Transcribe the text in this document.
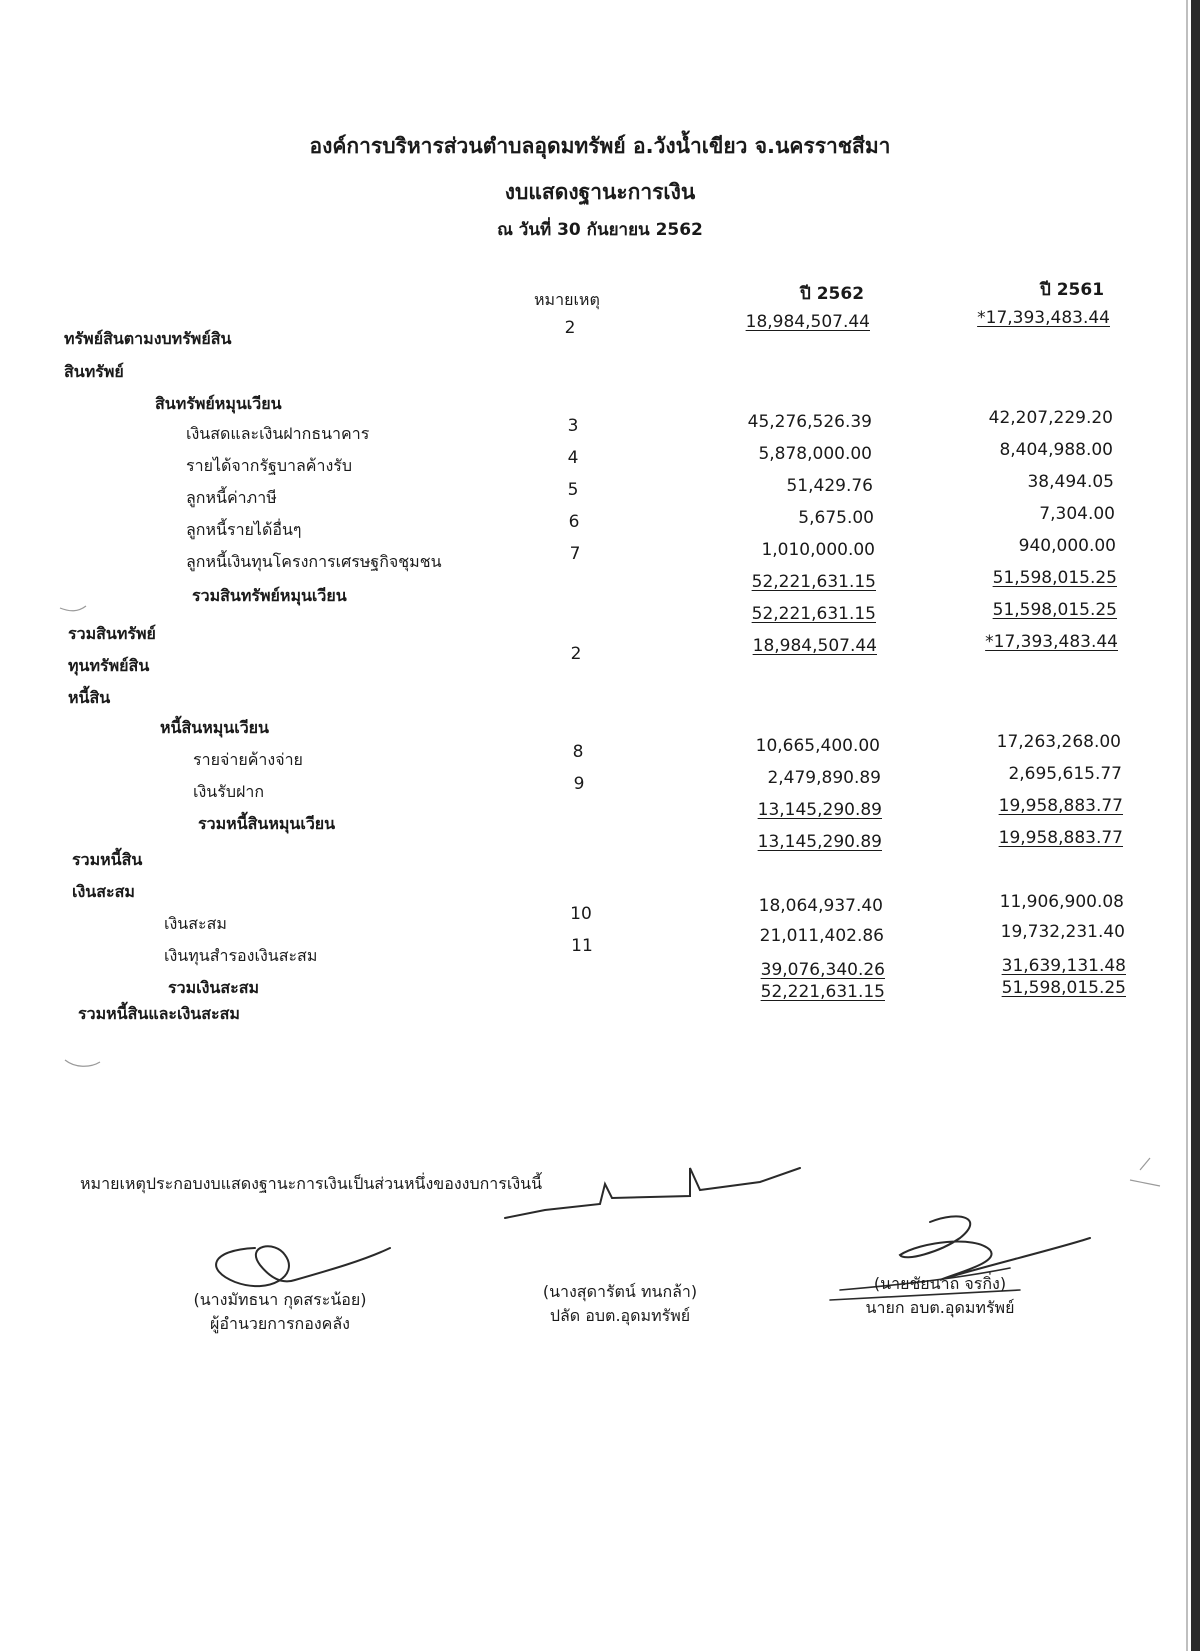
องค์การบริหารส่วนตำบลอุดมทรัพย์ อ.วังน้ำเขียว จ.นครราชสีมา
งบแสดงฐานะการเงิน
ณ วันที่ 30 กันยายน 2562
หมายเหตุ	ปี 2562	ปี 2561
ทรัพย์สินตามงบทรัพย์สิน
2	18,984,507.44	*17,393,483.44
สินทรัพย์
สินทรัพย์หมุนเวียน
เงินสดและเงินฝากธนาคาร	3	45,276,526.39	42,207,229.20
รายได้จากรัฐบาลค้างรับ	4	5,878,000.00	8,404,988.00
ลูกหนี้ค่าภาษี	5	51,429.76	38,494.05
ลูกหนี้รายได้อื่นๆ	6	5,675.00	7,304.00
ลูกหนี้เงินทุนโครงการเศรษฐกิจชุมชน	7	1,010,000.00	940,000.00
รวมสินทรัพย์หมุนเวียน
52,221,631.15	51,598,015.25
รวมสินทรัพย์
52,221,631.15	51,598,015.25
ทุนทรัพย์สิน
2	18,984,507.44	*17,393,483.44
หนี้สิน
หนี้สินหมุนเวียน
รายจ่ายค้างจ่าย	8	10,665,400.00	17,263,268.00
เงินรับฝาก	9	2,479,890.89	2,695,615.77
รวมหนี้สินหมุนเวียน
13,145,290.89	19,958,883.77
รวมหนี้สิน
13,145,290.89	19,958,883.77
เงินสะสม
เงินสะสม	10	18,064,937.40	11,906,900.08
เงินทุนสำรองเงินสะสม	11	21,011,402.86	19,732,231.40
รวมเงินสะสม
39,076,340.26	31,639,131.48
รวมหนี้สินและเงินสะสม
52,221,631.15	51,598,015.25
หมายเหตุประกอบงบแสดงฐานะการเงินเป็นส่วนหนึ่งของงบการเงินนี้
(นางมัทธนา กุดสระน้อย)
ผู้อำนวยการกองคลัง
(นางสุดารัตน์ ทนกล้า)
ปลัด อบต.อุดมทรัพย์
(นายชัยนาถ จรกิ่ง)
นายก อบต.อุดมทรัพย์
